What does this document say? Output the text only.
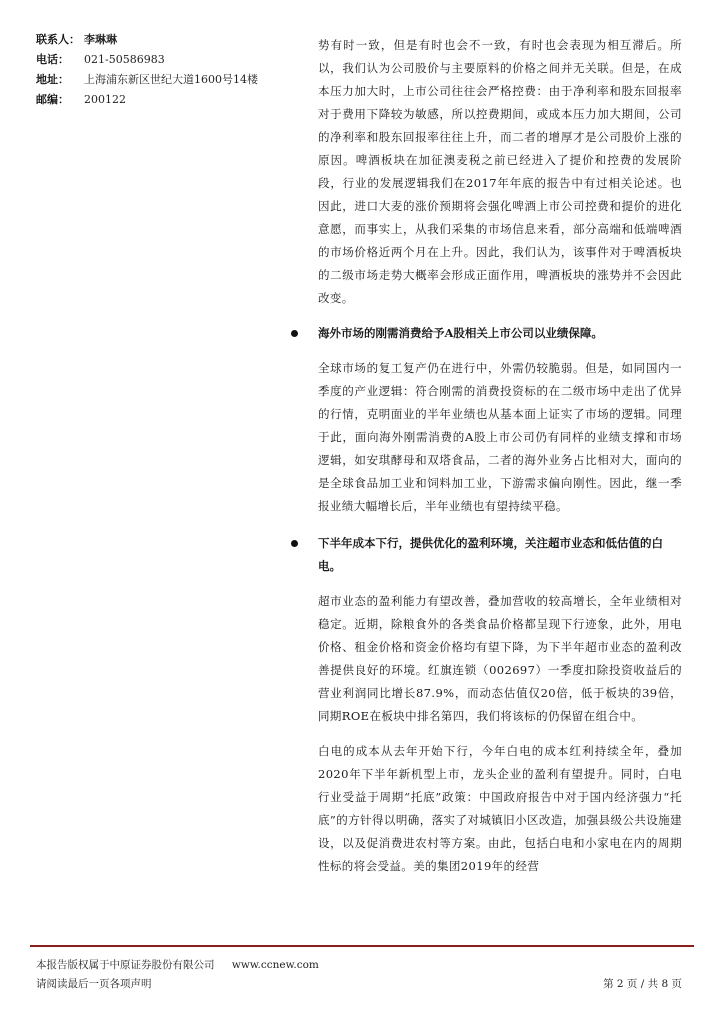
联系人： 李琳琳
电话：	021-50586983
地址：	上海浦东新区世纪大道1600号14楼
邮编：	200122

势有时一致，但是有时也会不一致，有时也会表现为相互滞后。所以，我们认为公司股价与主要原料的价格之间并无关联。但是，在成本压力加大时，上市公司往往会严格控费：由于净利率和股东回报率对于费用下降较为敏感，所以控费期间，或成本压力加大期间，公司的净利率和股东回报率往往上升，而二者的增厚才是公司股价上涨的原因。啤酒板块在加征澳麦税之前已经进入了提价和控费的发展阶段，行业的发展逻辑我们在2017年年底的报告中有过相关论述。也因此，进口大麦的涨价预期将会强化啤酒上市公司控费和提价的进化意愿，而事实上，从我们采集的市场信息来看，部分高端和低端啤酒的市场价格近两个月在上升。因此，我们认为，该事件对于啤酒板块的二级市场走势大概率会形成正面作用，啤酒板块的涨势并不会因此改变。

海外市场的刚需消费给予A股相关上市公司以业绩保障。

全球市场的复工复产仍在进行中，外需仍较脆弱。但是，如同国内一季度的产业逻辑：符合刚需的消费投资标的在二级市场中走出了优异的行情，克明面业的半年业绩也从基本面上证实了市场的逻辑。同理于此，面向海外刚需消费的A股上市公司仍有同样的业绩支撑和市场逻辑，如安琪酵母和双塔食品，二者的海外业务占比相对大，面向的是全球食品加工业和饲料加工业，下游需求偏向刚性。因此，继一季报业绩大幅增长后，半年业绩也有望持续平稳。

下半年成本下行，提供优化的盈利环境，关注超市业态和低估值的白电。

超市业态的盈利能力有望改善，叠加营收的较高增长，全年业绩相对稳定。近期，除粮食外的各类食品价格都呈现下行迹象，此外，用电价格、租金价格和资金价格均有望下降，为下半年超市业态的盈利改善提供良好的环境。红旗连锁（002697）一季度扣除投资收益后的营业利润同比增长87.9%，而动态估值仅20倍，低于板块的39倍，同期ROE在板块中排名第四，我们将该标的仍保留在组合中。

白电的成本从去年开始下行，今年白电的成本红利持续全年，叠加2020年下半年新机型上市，龙头企业的盈利有望提升。同时，白电行业受益于周期“托底”政策：中国政府报告中对于国内经济强力“托底”的方针得以明确，落实了对城镇旧小区改造，加强县级公共设施建设，以及促消费进农村等方案。由此，包括白电和小家电在内的周期性标的将会受益。美的集团2019年的经营

本报告版权属于中原证券股份有限公司 www.ccnew.com
请阅读最后一页各项声明	第 2 页 / 共 8 页
